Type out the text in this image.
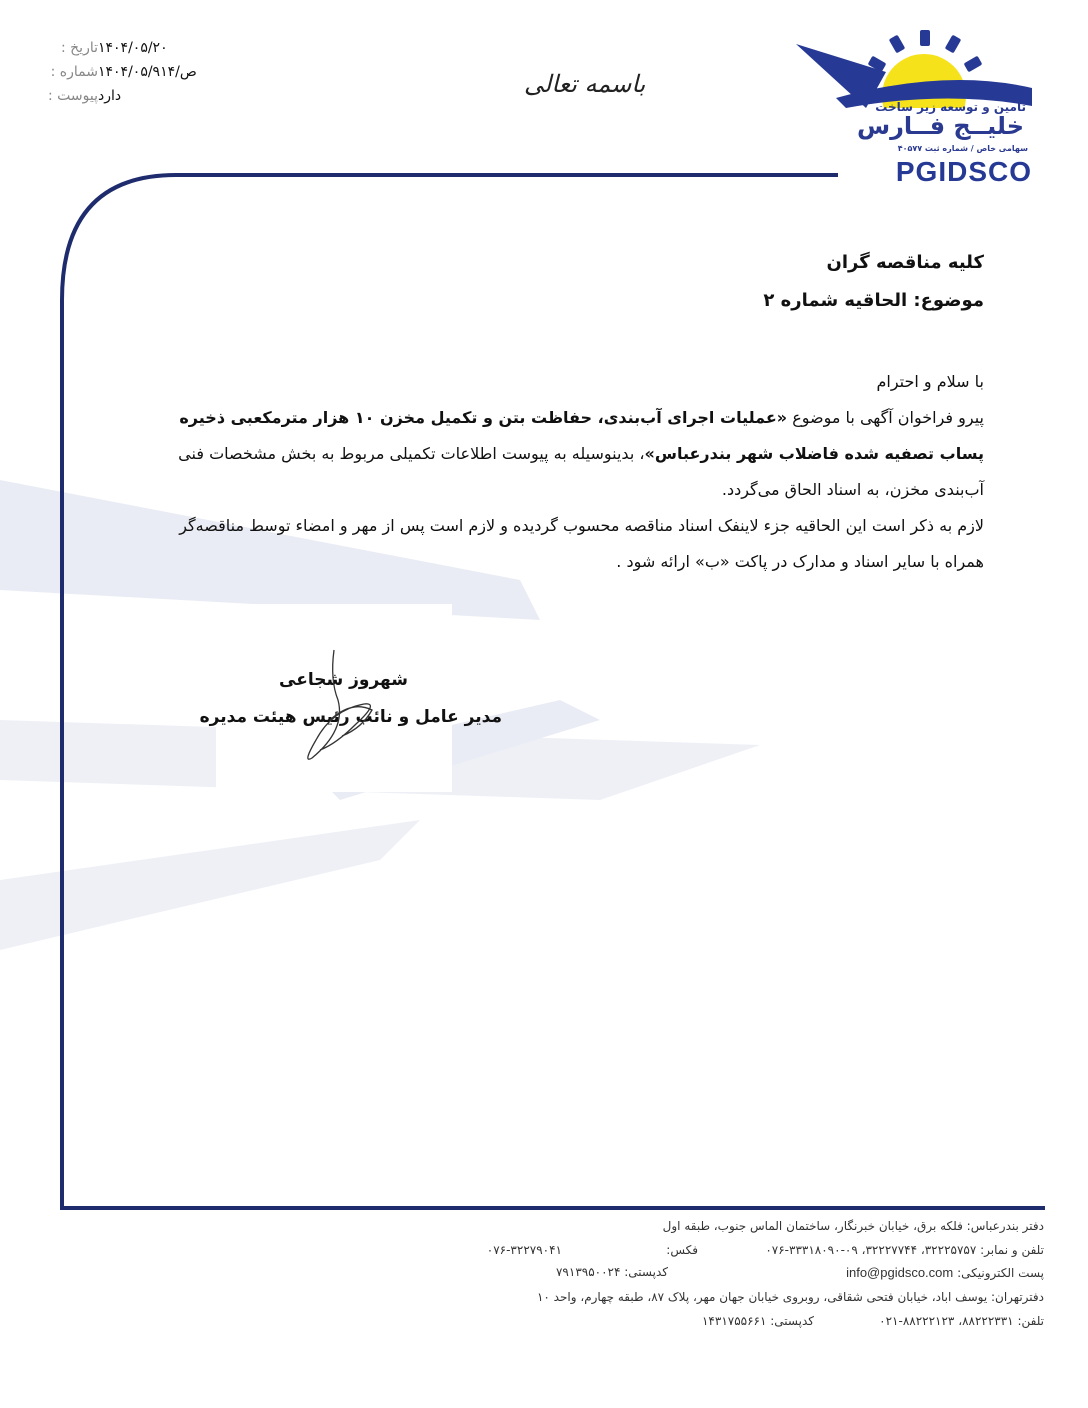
تامین و توسعه زیر ساخت
خلیــج فــارس
سهامی خاص / شماره ثبت ۴۰۵۷۷
PGIDSCO
باسمه تعالی
تاریخ : ۱۴۰۴/۰۵/۲۰
شماره : ص/۱۴۰۴/۰۵/۹۱۴
پیوست : دارد
کلیه مناقصه گران
موضوع: الحاقیه شماره ۲

با سلام و احترام

پیرو فراخوان آگهی با موضوع «عملیات اجرای آب‌بندی، حفاظت بتن و تکمیل مخزن ۱۰ هزار مترمکعبی ذخیره پساب تصفیه شده فاضلاب شهر بندرعباس»، بدینوسیله به پیوست اطلاعات تکمیلی مربوط به بخش مشخصات فنی آب‌بندی مخزن، به اسناد الحاق می‌گردد.

لازم به ذکر است این الحاقیه جزء لاینفک اسناد مناقصه محسوب گردیده و لازم است پس از مهر و امضاء توسط مناقصه‌گر همراه با سایر اسناد و مدارک در پاکت «ب» ارائه شود .

شهروز شجاعی
مدیر عامل و نائب رئیس هیئت مدیره
دفتر بندرعباس: فلکه برق، خیابان خبرنگار، ساختمان الماس جنوب، طبقه اول
تلفن و نمابر: ۳۲۲۲۵۷۵۷، ۳۲۲۲۷۷۴۴، ۰۹-۳۳۳۱۸۰۹۰-۰۷۶
فکس:
۰۷۶-۳۲۲۷۹۰۴۱
پست الکترونیکی: info@pgidsco.com
کدپستی: ۷۹۱۳۹۵۰۰۲۴
دفترتهران: یوسف اباد، خیابان فتحی شقاقی، روبروی خیابان جهان مهر، پلاک ۸۷، طبقه چهارم، واحد ۱۰
تلفن: ۸۸۲۲۲۳۳۱، ۸۸۲۲۲۱۲۳-۰۲۱
کدپستی: ۱۴۳۱۷۵۵۶۶۱
